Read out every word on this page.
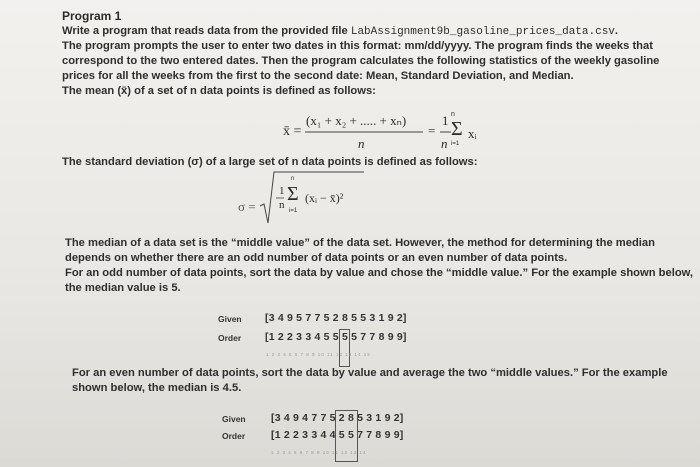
Program 1
Write a program that reads data from the provided file LabAssignment9b_gasoline_prices_data.csv.
The program prompts the user to enter two dates in this format: mm/dd/yyyy. The program finds the weeks that
correspond to the two entered dates. Then the program calculates the following statistics of the weekly gasoline
prices for all the weeks from the first to the second date: Mean, Standard Deviation, and Median.
The mean (x̄) of a set of n data points is defined as follows:
x̄ =
(x₁ + x₂ + ..... + xₙ)
n
=
1
n
n
Σ
i=1
xᵢ
The standard deviation (σ) of a large set of n data points is defined as follows:
σ =
1
n
n
Σ
i=1
(xᵢ − x̄)²
The median of a data set is the “middle value” of the data set. However, the method for determining the median
depends on whether there are an odd number of data points or an even number of data points.
For an odd number of data points, sort the data by value and chose the “middle value.” For the example shown below,
the median value is 5.
Given [3 4 9 5 7 7 5 2 8 5 5 3 1 9 2]
Order [1 2 2 3 3 4 5 5 5 5 7 7 8 9 9]
1 2 3 4 5 6 7 8 9 10 11 12 13 14 15
For an even number of data points, sort the data by value and average the two “middle values.” For the example
shown below, the median is 4.5.
Given [3 4 9 4 7 7 5 2 8 5 3 1 9 2]
Order [1 2 2 3 3 4 4 5 5 7 7 8 9 9]
1 2 3 4 5 6 7 8 9 10 11 12 13 14
